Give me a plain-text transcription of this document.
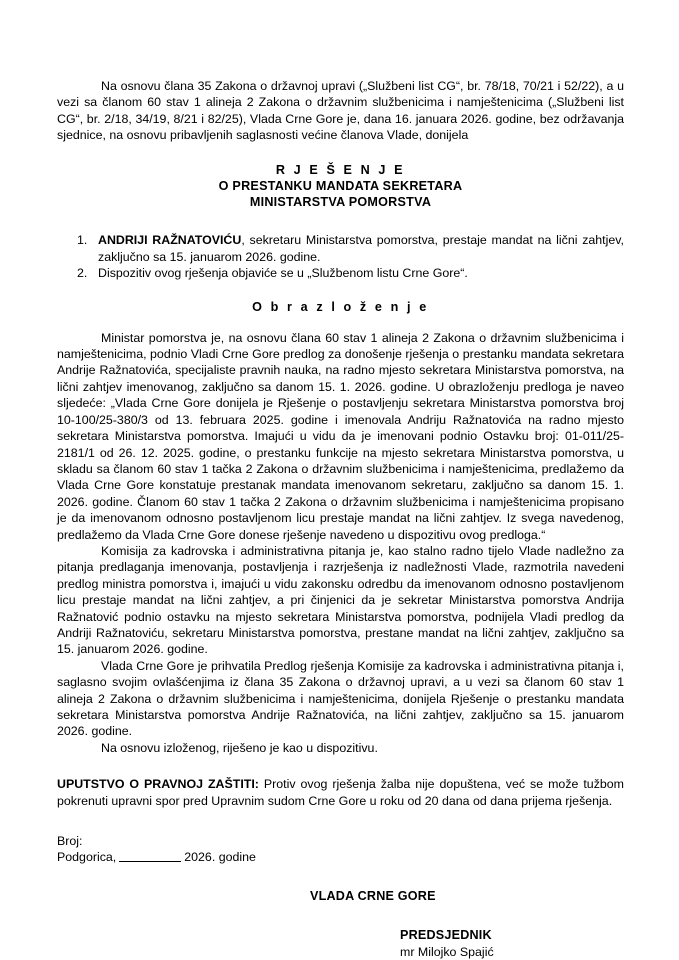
Na osnovu člana 35 Zakona o državnoj upravi („Službeni list CG“, br. 78/18, 70/21 i 52/22), a u vezi sa članom 60 stav 1 alineja 2 Zakona o državnim službenicima i namještenicima („Službeni list CG“, br. 2/18, 34/19, 8/21 i 82/25), Vlada Crne Gore je, dana 16. januara 2026. godine, bez održavanja sjednice, na osnovu pribavljenih saglasnosti većine članova Vlade, donijela

R J E Š E N J E
O PRESTANKU MANDATA SEKRETARA
MINISTARSTVA POMORSTVA
1. ANDRIJI RAŽNATOVIĆU, sekretaru Ministarstva pomorstva, prestaje mandat na lični zahtjev, zaključno sa 15. januarom 2026. godine.
2. Dispozitiv ovog rješenja objaviće se u „Službenom listu Crne Gore“.
O b r a z l o ž e n j e

Ministar pomorstva je, na osnovu člana 60 stav 1 alineja 2 Zakona o državnim službenicima i namještenicima, podnio Vladi Crne Gore predlog za donošenje rješenja o prestanku mandata sekretara Andrije Ražnatovića, specijaliste pravnih nauka, na radno mjesto sekretara Ministarstva pomorstva, na lični zahtjev imenovanog, zaključno sa danom 15. 1. 2026. godine. U obrazloženju predloga je naveo sljedeće: „Vlada Crne Gore donijela je Rješenje o postavljenju sekretara Ministarstva pomorstva broj 10-100/25-380/3 od 13. februara 2025. godine i imenovala Andriju Ražnatovića na radno mjesto sekretara Ministarstva pomorstva. Imajući u vidu da je imenovani podnio Ostavku broj: 01-011/25-2181/1 od 26. 12. 2025. godine, o prestanku funkcije na mjesto sekretara Ministarstva pomorstva, u skladu sa članom 60 stav 1 tačka 2 Zakona o državnim službenicima i namještenicima, predlažemo da Vlada Crne Gore konstatuje prestanak mandata imenovanom sekretaru, zaključno sa danom 15. 1. 2026. godine. Članom 60 stav 1 tačka 2 Zakona o državnim službenicima i namještenicima propisano je da imenovanom odnosno postavljenom licu prestaje mandat na lični zahtjev. Iz svega navedenog, predlažemo da Vlada Crne Gore donese rješenje navedeno u dispozitivu ovog predloga.“

Komisija za kadrovska i administrativna pitanja je, kao stalno radno tijelo Vlade nadležno za pitanja predlaganja imenovanja, postavljenja i razrješenja iz nadležnosti Vlade, razmotrila navedeni predlog ministra pomorstva i, imajući u vidu zakonsku odredbu da imenovanom odnosno postavljenom licu prestaje mandat na lični zahtjev, a pri činjenici da je sekretar Ministarstva pomorstva Andrija Ražnatović podnio ostavku na mjesto sekretara Ministarstva pomorstva, podnijela Vladi predlog da Andriji Ražnatoviću, sekretaru Ministarstva pomorstva, prestane mandat na lični zahtjev, zaključno sa 15. januarom 2026. godine.

Vlada Crne Gore je prihvatila Predlog rješenja Komisije za kadrovska i administrativna pitanja i, saglasno svojim ovlašćenjima iz člana 35 Zakona o državnoj upravi, a u vezi sa članom 60 stav 1 alineja 2 Zakona o državnim službenicima i namještenicima, donijela Rješenje o prestanku mandata sekretara Ministarstva pomorstva Andrije Ražnatovića, na lični zahtjev, zaključno sa 15. januarom 2026. godine.

Na osnovu izloženog, riješeno je kao u dispozitivu.

UPUTSTVO O PRAVNOJ ZAŠTITI: Protiv ovog rješenja žalba nije dopuštena, već se može tužbom pokrenuti upravni spor pred Upravnim sudom Crne Gore u roku od 20 dana od dana prijema rješenja.

Broj:
Podgorica,	2026. godine
VLADA CRNE GORE
PREDSJEDNIK
mr Milojko Spajić
